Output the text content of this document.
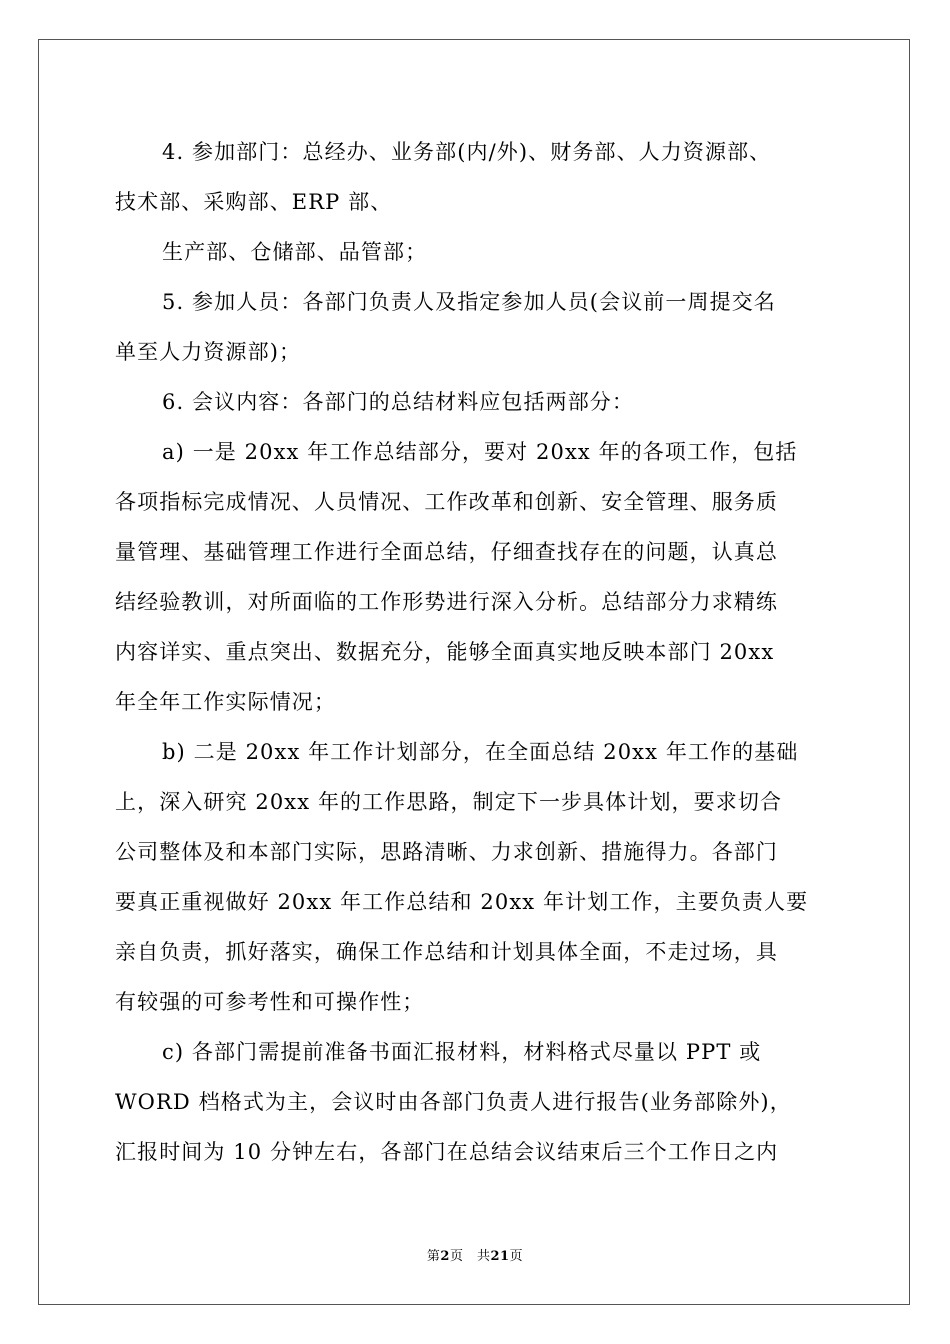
4. 参加部门：总经办、业务部(内/外)、财务部、人力资源部、
技术部、采购部、ERP 部、
生产部、仓储部、品管部；
5. 参加人员：各部门负责人及指定参加人员(会议前一周提交名
单至人力资源部)；
6. 会议内容：各部门的总结材料应包括两部分：
a) 一是 20xx 年工作总结部分，要对 20xx 年的各项工作，包括
各项指标完成情况、人员情况、工作改革和创新、安全管理、服务质
量管理、基础管理工作进行全面总结，仔细查找存在的问题，认真总
结经验教训，对所面临的工作形势进行深入分析。总结部分力求精练
内容详实、重点突出、数据充分，能够全面真实地反映本部门 20xx
年全年工作实际情况；
b) 二是 20xx 年工作计划部分，在全面总结 20xx 年工作的基础
上，深入研究 20xx 年的工作思路，制定下一步具体计划，要求切合
公司整体及和本部门实际，思路清晰、力求创新、措施得力。各部门
要真正重视做好 20xx 年工作总结和 20xx 年计划工作，主要负责人要
亲自负责，抓好落实，确保工作总结和计划具体全面，不走过场，具
有较强的可参考性和可操作性；
c) 各部门需提前准备书面汇报材料，材料格式尽量以 PPT 或
WORD 档格式为主，会议时由各部门负责人进行报告(业务部除外)，
汇报时间为 10 分钟左右，各部门在总结会议结束后三个工作日之内
第2页　共21页
